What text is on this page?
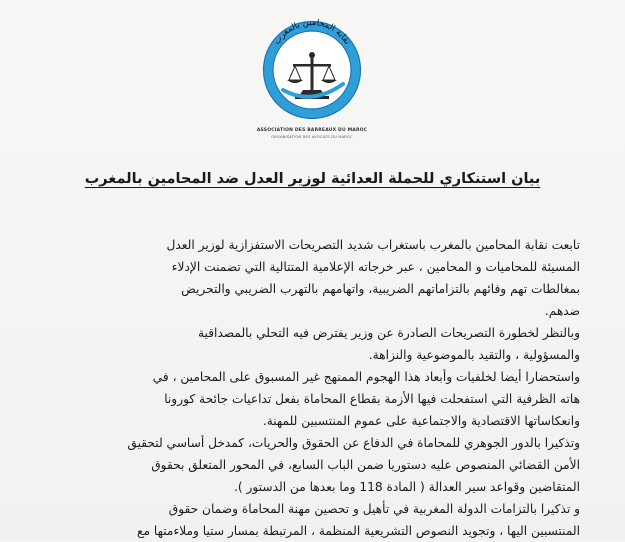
نقابة المحامين بالمغرب
ASSOCIATION DES BARREAUX DU MAROC
ORGANISATION DES AVOCATS DU MAROC
بيان استنكاري للحملة العدائية لوزير العدل ضد المحامين بالمغرب
تابعت نقابة المحامين بالمغرب باستغراب شديد التصريحات الاستفزازية لوزير العدل
المسيئة للمحاميات و المحامين ، عبر خرجاته الإعلامية المتتالية التي تضمنت الإدلاء
بمغالطات تهم وفائهم بالتزاماتهم الضريبية، واتهامهم بالتهرب الضريبي والتحريض
ضدهم.
وبالنظر لخطورة التصريحات الصادرة عن وزير يفترض فيه التحلي بالمصداقية
والمسؤولية ، والتقيد بالموضوعية والنزاهة.
واستحضارا أيضا لخلفيات وأبعاد هذا الهجوم الممنهج غير المسبوق على المحامين ، في
هاته الظرفية التي استفحلت فيها الأزمة بقطاع المحاماة بفعل تداعيات جائحة كورونا
وانعكاساتها الاقتصادية والاجتماعية على عموم المنتسبين للمهنة.
وتذكيرا بالدور الجوهري للمحاماة في الدفاع عن الحقوق والحريات، كمدخل أساسي لتحقيق
الأمن القضائي المنصوص عليه دستوريا ضمن الباب السابع، في المحور المتعلق بحقوق
المتقاضين وقواعد سير العدالة ( المادة 118 وما بعدها من الدستور ).
و تذكيرا بالتزامات الدولة المغربية في تأهيل و تحصين مهنة المحاماة وضمان حقوق
المنتسبين اليها ، وتجويد النصوص التشريعية المنظمة ، المرتبطة بمسار ستيا وملاءمتها مع
